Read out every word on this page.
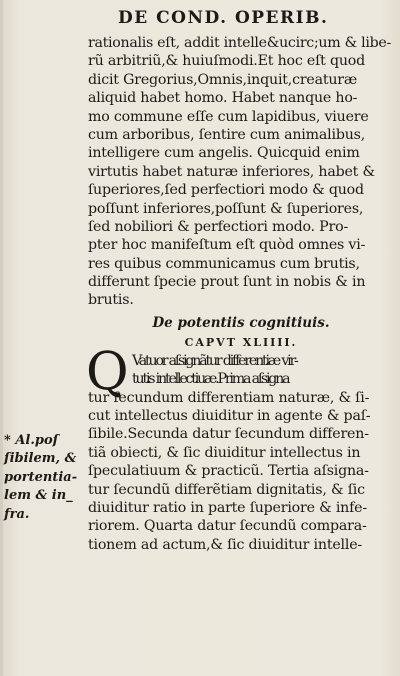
DE COND. OPERIB.
rationalis eſt, addit intelle&ucirc;um & libe-
rũ arbitriũ,& huiuſmodi.Et hoc eſt quod
dicit Gregorius,Omnis,inquit,creaturæ
aliquid habet homo. Habet nanque ho-
mo commune eſſe cum lapidibus, viuere
cum arboribus, ſentire cum animalibus,
intelligere cum angelis. Quicquid enim
virtutis habet naturæ inferiores, habet &
ſuperiores,ſed perfectiori modo & quod
poſſunt inferiores,poſſunt & ſuperiores,
ſed nobiliori & perfectiori modo. Pro-
pter hoc manifeſtum eſt quòd omnes vi-
res quibus communicamus cum brutis,
differunt ſpecie prout ſunt in nobis & in
brutis.
De potentiis cognitiuis.
CAPVT XLIIII.
Q Vatuor aſsignãtur differentiæ vir-
tutis intellectiuæ.Prima aſsigna
tur ſecundum differentiam naturæ, & ſi-
cut intellectus diuiditur in agente & paſ-
ſibile.Secunda datur ſecundum differen-
tiã obiecti, & ſic diuiditur intellectus in
ſpeculatiuum & practicũ. Tertia aſsigna-
tur ſecundũ differẽtiam dignitatis, & ſic
diuiditur ratio in parte ſuperiore & infe-
riorem. Quarta datur ſecundũ compara-
tionem ad actum,& ſic diuiditur intelle-
* Al.poſ
ſibilem, &
portentia-
lem & in_
fra.
